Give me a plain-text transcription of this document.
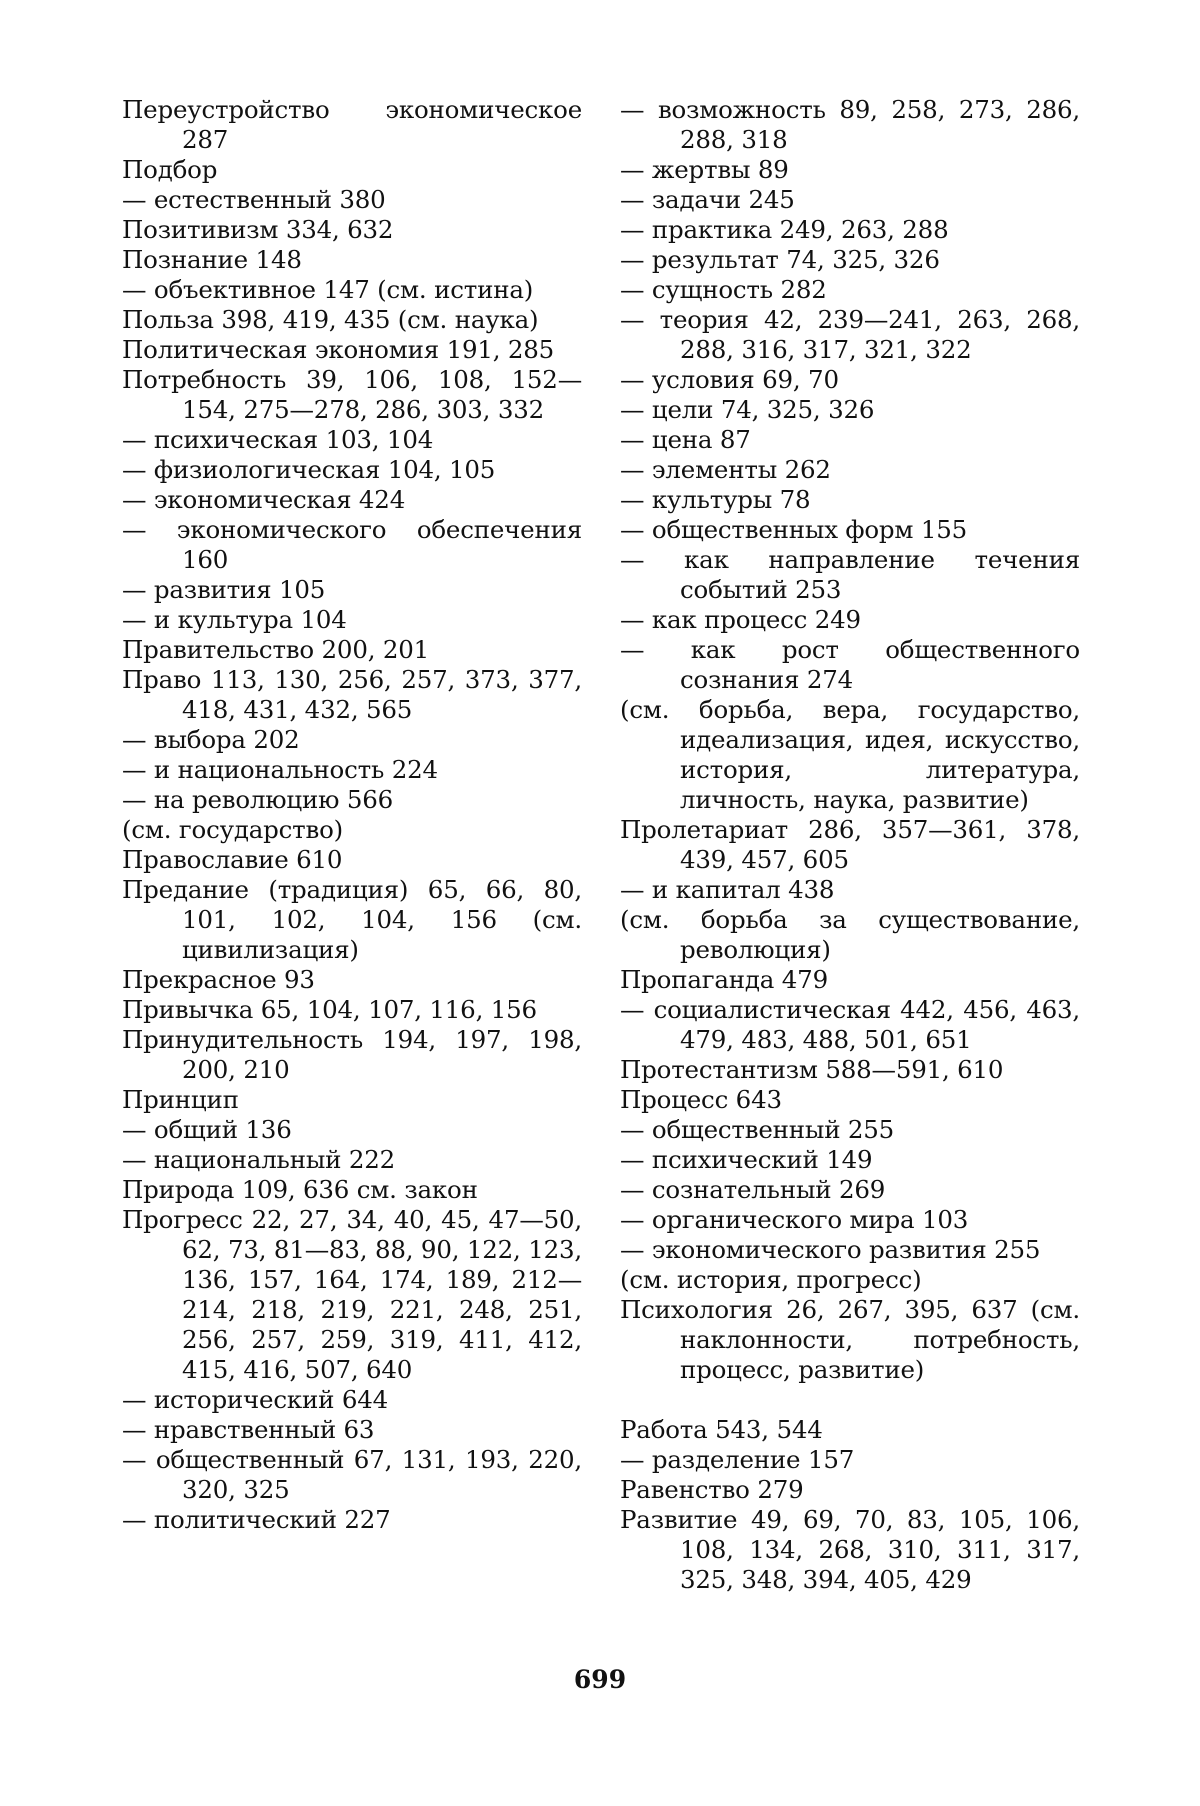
Переустройство экономическое 287
Подбор
— естественный 380
Позитивизм 334, 632
Познание 148
— объективное 147 (см. истина)
Польза 398, 419, 435 (см. наука)
Политическая экономия 191, 285
Потребность 39, 106, 108, 152—154, 275—278, 286, 303, 332
— психическая 103, 104
— физиологическая 104, 105
— экономическая 424
— экономического обеспечения 160
— развития 105
— и культура 104
Правительство 200, 201
Право 113, 130, 256, 257, 373, 377, 418, 431, 432, 565
— выбора 202
— и национальность 224
— на революцию 566
(см. государство)
Православие 610
Предание (традиция) 65, 66, 80, 101, 102, 104, 156 (см. цивилизация)
Прекрасное 93
Привычка 65, 104, 107, 116, 156
Принудительность 194, 197, 198, 200, 210
Принцип
— общий 136
— национальный 222
Природа 109, 636 см. закон
Прогресс 22, 27, 34, 40, 45, 47—50, 62, 73, 81—83, 88, 90, 122, 123, 136, 157, 164, 174, 189, 212—214, 218, 219, 221, 248, 251, 256, 257, 259, 319, 411, 412, 415, 416, 507, 640
— исторический 644
— нравственный 63
— общественный 67, 131, 193, 220, 320, 325
— политический 227
— возможность 89, 258, 273, 286, 288, 318
— жертвы 89
— задачи 245
— практика 249, 263, 288
— результат 74, 325, 326
— сущность 282
— теория 42, 239—241, 263, 268, 288, 316, 317, 321, 322
— условия 69, 70
— цели 74, 325, 326
— цена 87
— элементы 262
— культуры 78
— общественных форм 155
— как направление течения событий 253
— как процесс 249
— как рост общественного сознания 274
(см. борьба, вера, государство, идеализация, идея, искусство, история, литература, личность, наука, развитие)
Пролетариат 286, 357—361, 378, 439, 457, 605
— и капитал 438
(см. борьба за существование, революция)
Пропаганда 479
— социалистическая 442, 456, 463, 479, 483, 488, 501, 651
Протестантизм 588—591, 610
Процесс 643
— общественный 255
— психический 149
— сознательный 269
— органического мира 103
— экономического развития 255
(см. история, прогресс)
Психология 26, 267, 395, 637 (см. наклонности, потребность, процесс, развитие)
Работа 543, 544
— разделение 157
Равенство 279
Развитие 49, 69, 70, 83, 105, 106, 108, 134, 268, 310, 311, 317, 325, 348, 394, 405, 429
699
